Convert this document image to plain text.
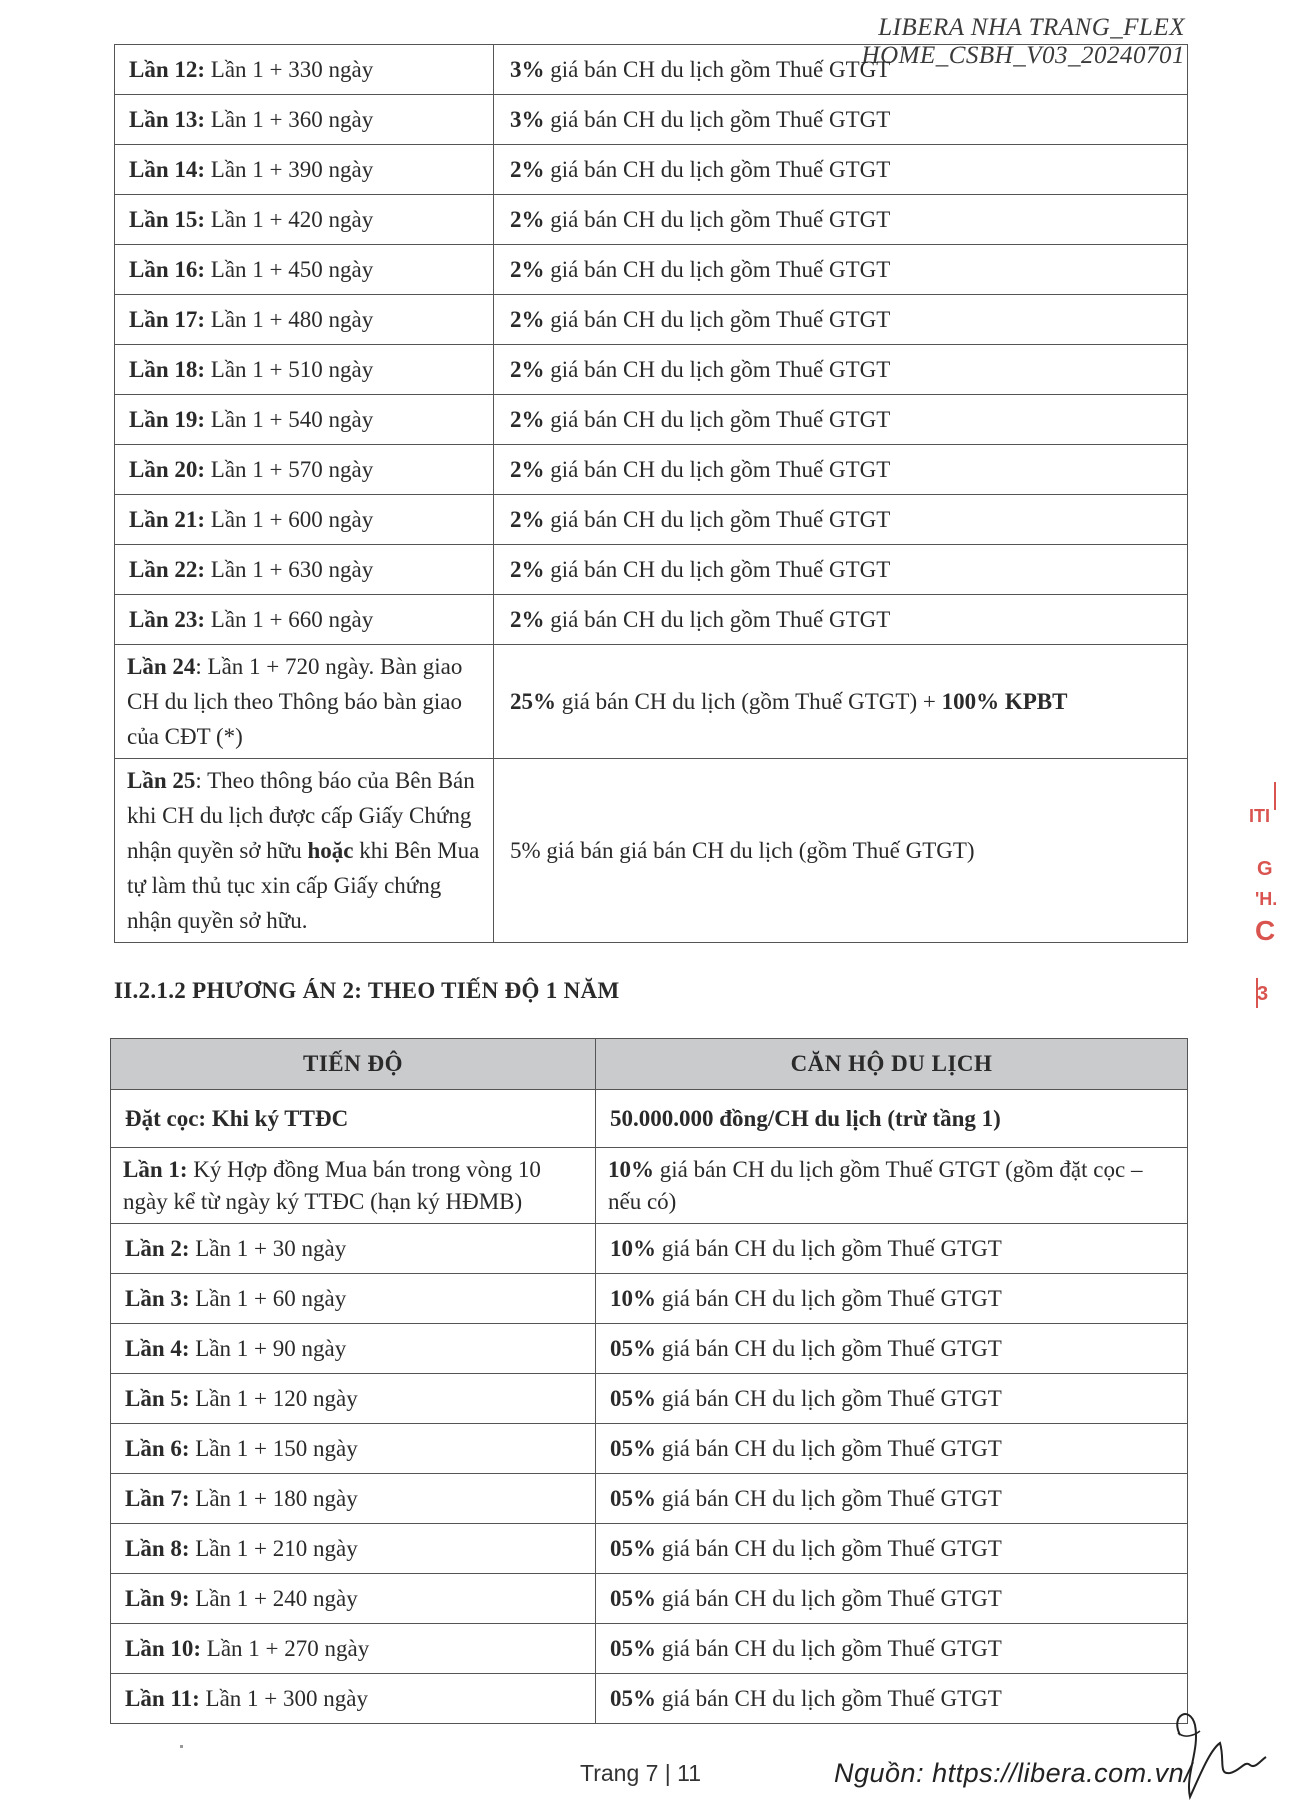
LIBERA NHA TRANG_FLEX HOME_CSBH_V03_20240701
Lần 12: Lần 1 + 330 ngày	3% giá bán CH du lịch gồm Thuế GTGT
Lần 13: Lần 1 + 360 ngày	3% giá bán CH du lịch gồm Thuế GTGT
Lần 14: Lần 1 + 390 ngày	2% giá bán CH du lịch gồm Thuế GTGT
Lần 15: Lần 1 + 420 ngày	2% giá bán CH du lịch gồm Thuế GTGT
Lần 16: Lần 1 + 450 ngày	2% giá bán CH du lịch gồm Thuế GTGT
Lần 17: Lần 1 + 480 ngày	2% giá bán CH du lịch gồm Thuế GTGT
Lần 18: Lần 1 + 510 ngày	2% giá bán CH du lịch gồm Thuế GTGT
Lần 19: Lần 1 + 540 ngày	2% giá bán CH du lịch gồm Thuế GTGT
Lần 20: Lần 1 + 570 ngày	2% giá bán CH du lịch gồm Thuế GTGT
Lần 21: Lần 1 + 600 ngày	2% giá bán CH du lịch gồm Thuế GTGT
Lần 22: Lần 1 + 630 ngày	2% giá bán CH du lịch gồm Thuế GTGT
Lần 23: Lần 1 + 660 ngày	2% giá bán CH du lịch gồm Thuế GTGT
Lần 24: Lần 1 + 720 ngày. Bàn giao CH du lịch theo Thông báo bàn giao của CĐT (*)	25% giá bán CH du lịch (gồm Thuế GTGT) + 100% KPBT
Lần 25: Theo thông báo của Bên Bán khi CH du lịch được cấp Giấy Chứng nhận quyền sở hữu hoặc khi Bên Mua tự làm thủ tục xin cấp Giấy chứng nhận quyền sở hữu.	5% giá bán giá bán CH du lịch (gồm Thuế GTGT)
II.2.1.2 PHƯƠNG ÁN 2: THEO TIẾN ĐỘ 1 NĂM
TIẾN ĐỘ	CĂN HỘ DU LỊCH
Đặt cọc: Khi ký TTĐC	50.000.000 đồng/CH du lịch (trừ tầng 1)
Lần 1: Ký Hợp đồng Mua bán trong vòng 10 ngày kể từ ngày ký TTĐC (hạn ký HĐMB)	10% giá bán CH du lịch gồm Thuế GTGT (gồm đặt cọc – nếu có)
Lần 2: Lần 1 + 30 ngày	10% giá bán CH du lịch gồm Thuế GTGT
Lần 3: Lần 1 + 60 ngày	10% giá bán CH du lịch gồm Thuế GTGT
Lần 4: Lần 1 + 90 ngày	05% giá bán CH du lịch gồm Thuế GTGT
Lần 5: Lần 1 + 120 ngày	05% giá bán CH du lịch gồm Thuế GTGT
Lần 6: Lần 1 + 150 ngày	05% giá bán CH du lịch gồm Thuế GTGT
Lần 7: Lần 1 + 180 ngày	05% giá bán CH du lịch gồm Thuế GTGT
Lần 8: Lần 1 + 210 ngày	05% giá bán CH du lịch gồm Thuế GTGT
Lần 9: Lần 1 + 240 ngày	05% giá bán CH du lịch gồm Thuế GTGT
Lần 10: Lần 1 + 270 ngày	05% giá bán CH du lịch gồm Thuế GTGT
Lần 11: Lần 1 + 300 ngày	05% giá bán CH du lịch gồm Thuế GTGT
Trang 7 | 11	Nguồn: https://libera.com.vn/
ITI
G
'H.
C
3
